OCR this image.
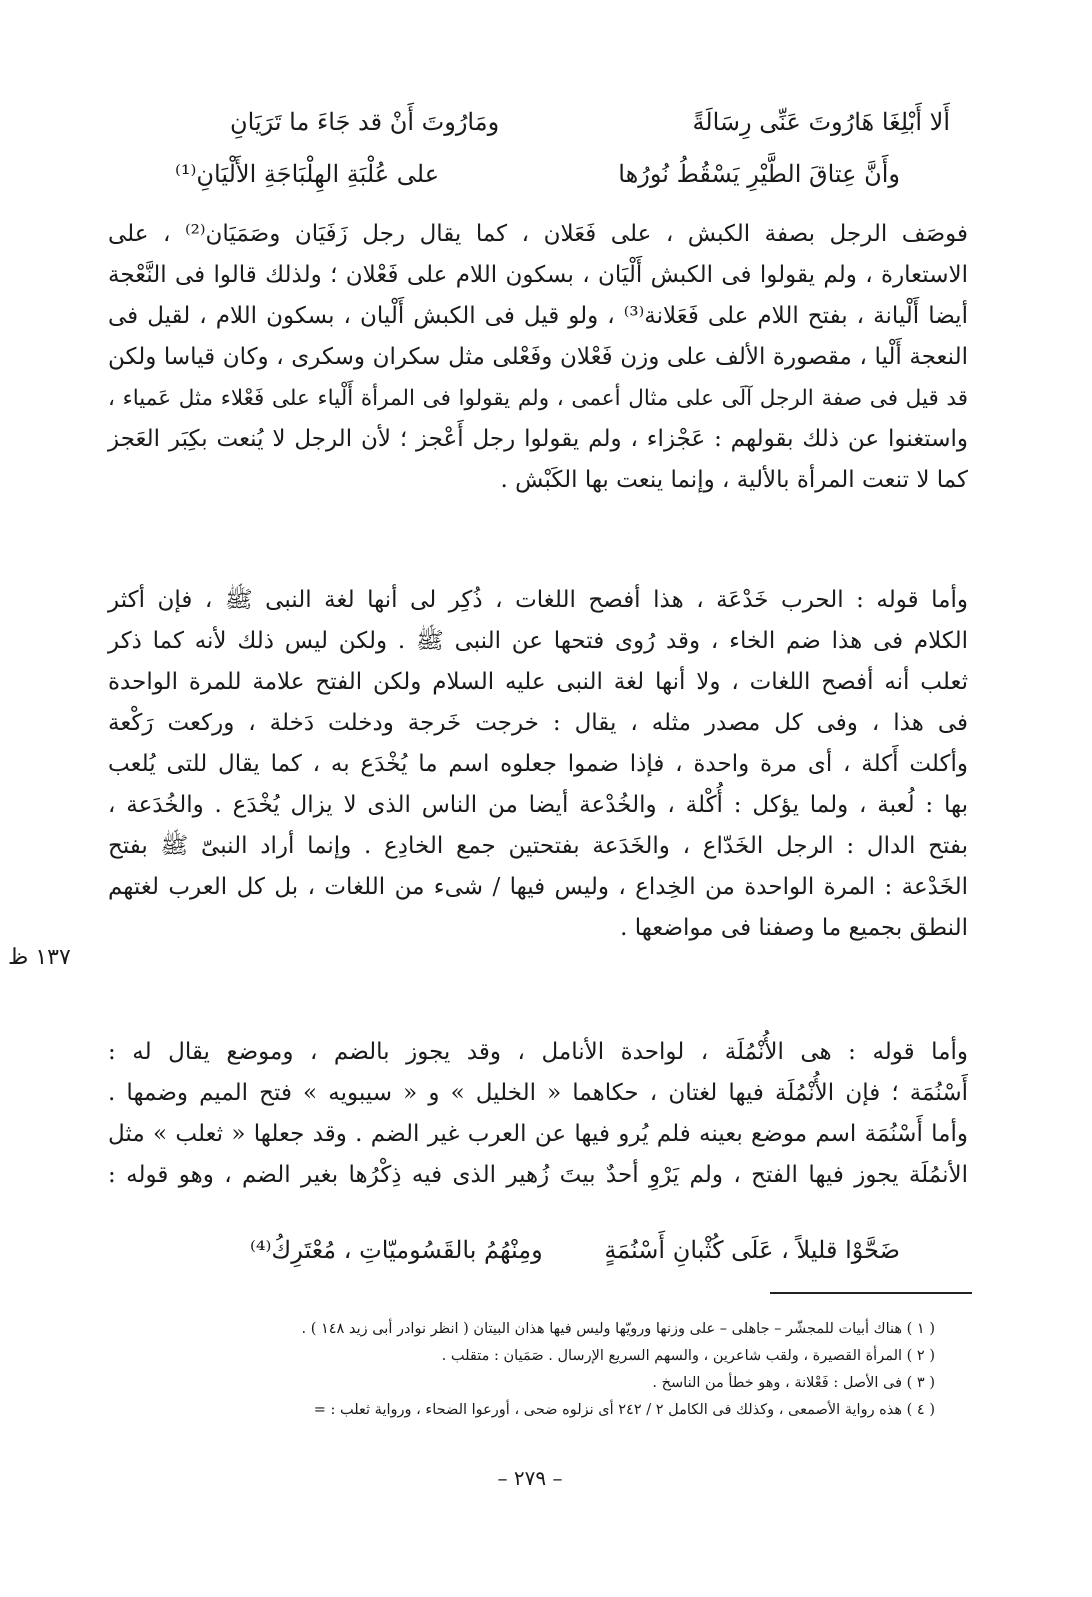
أَلا أَبْلِغَا هَارُوتَ عَنِّى رِسَالَةً
ومَارُوتَ أَنْ قد جَاءَ ما تَرَيَانِ
وأَنَّ عِتاقَ الطَّيْرِ يَسْقُطُ نُورُها
على عُلْبَةِ الهِلْبَاجَةِ الأَلْيَانِ⁽¹⁾

فوصَف الرجل بصفة الكبش ، على فَعَلان ، كما يقال رجل زَفَيَان وصَمَيَان⁽²⁾ ، على

الاستعارة ، ولم يقولوا فى الكبش أَلْيَان ، بسكون اللام على فَعْلان ؛ ولذلك قالوا فى النَّعْجة

أيضا أَلْيانة ، بفتح اللام على فَعَلانة⁽³⁾ ، ولو قيل فى الكبش أَلْيان ، بسكون اللام ، لقيل فى

النعجة أَلْيا ، مقصورة الألف على وزن فَعْلان وفَعْلى مثل سكران وسكرى ، وكان قياسا ولكن

قد قيل فى صفة الرجل آلَى على مثال أعمى ، ولم يقولوا فى المرأة أَلْياء على فَعْلاء مثل عَمياء ،

واستغنوا عن ذلك بقولهم : عَجْزاء ، ولم يقولوا رجل أَعْجز ؛ لأن الرجل لا يُنعت بكِبَر العَجز

كما لا تنعت المرأة بالألية ، وإنما ينعت بها الكَبْش .

وأما قوله : الحرب خَدْعَة ، هذا أفصح اللغات ، ذُكِر لى أنها لغة النبى ﷺ ، فإن أكثر

الكلام فى هذا ضم الخاء ، وقد رُوى فتحها عن النبى ﷺ . ولكن ليس ذلك لأنه كما ذكر

ثعلب أنه أفصح اللغات ، ولا أنها لغة النبى عليه السلام ولكن الفتح علامة للمرة الواحدة

فى هذا ، وفى كل مصدر مثله ، يقال : خرجت خَرجة ودخلت دَخلة ، وركعت رَكْعة

وأكلت أَكلة ، أى مرة واحدة ، فإذا ضموا جعلوه اسم ما يُخْدَع به ، كما يقال للتى يُلعب

بها : لُعبة ، ولما يؤكل : أُكْلة ، والخُدْعة أيضا من الناس الذى لا يزال يُخْدَع . والخُدَعة ،

بفتح الدال : الرجل الخَدّاع ، والخَدَعة بفتحتين جمع الخادِع . وإنما أراد النبىّ ﷺ بفتح

الخَدْعة : المرة الواحدة من الخِداع ، وليس فيها / شىء من اللغات ، بل كل العرب لغتهم

النطق بجميع ما وصفنا فى مواضعها .

١٣٧ ظ

وأما قوله : هى الأُنْمُلَة ، لواحدة الأنامل ، وقد يجوز بالضم ، وموضع يقال له :

أَسْنُمَة ؛ فإن الأُنْمُلَة فيها لغتان ، حكاهما « الخليل » و « سيبويه » فتح الميم وضمها .

وأما أَسْنُمَة اسم موضع بعينه فلم يُرو فيها عن العرب غير الضم . وقد جعلها « ثعلب » مثل

الأنمُلَة يجوز فيها الفتح ، ولم يَرْوِ أحدٌ بيتَ زُهير الذى فيه ذِكْرُها بغير الضم ، وهو قوله :

ضَحَّوْا قليلاً ، عَلَى كُثْبانِ أَسْنُمَةٍ
ومِنْهُمُ بالقَسُوميّاتِ ، مُعْتَرِكُ⁽⁴⁾

( ١ ) هناك أبيات للمجشّر – جاهلى – على وزنها ورويّها وليس فيها هذان البيتان ( انظر نوادر أبى زيد ١٤٨ ) .

( ٢ ) المرأة القصيرة ، ولقب شاعرين ، والسهم السريع الإرسال . صَمَيان : متقلب .

( ٣ ) فى الأصل : فَعْلانة ، وهو خطأ من الناسخ .

( ٤ ) هذه رواية الأصمعى ، وكذلك فى الكامل ٢ / ٢٤٢ أى نزلوه ضحى ، أورعوا الضحاء ، ورواية ثعلب : =

– ٢٧٩ –
